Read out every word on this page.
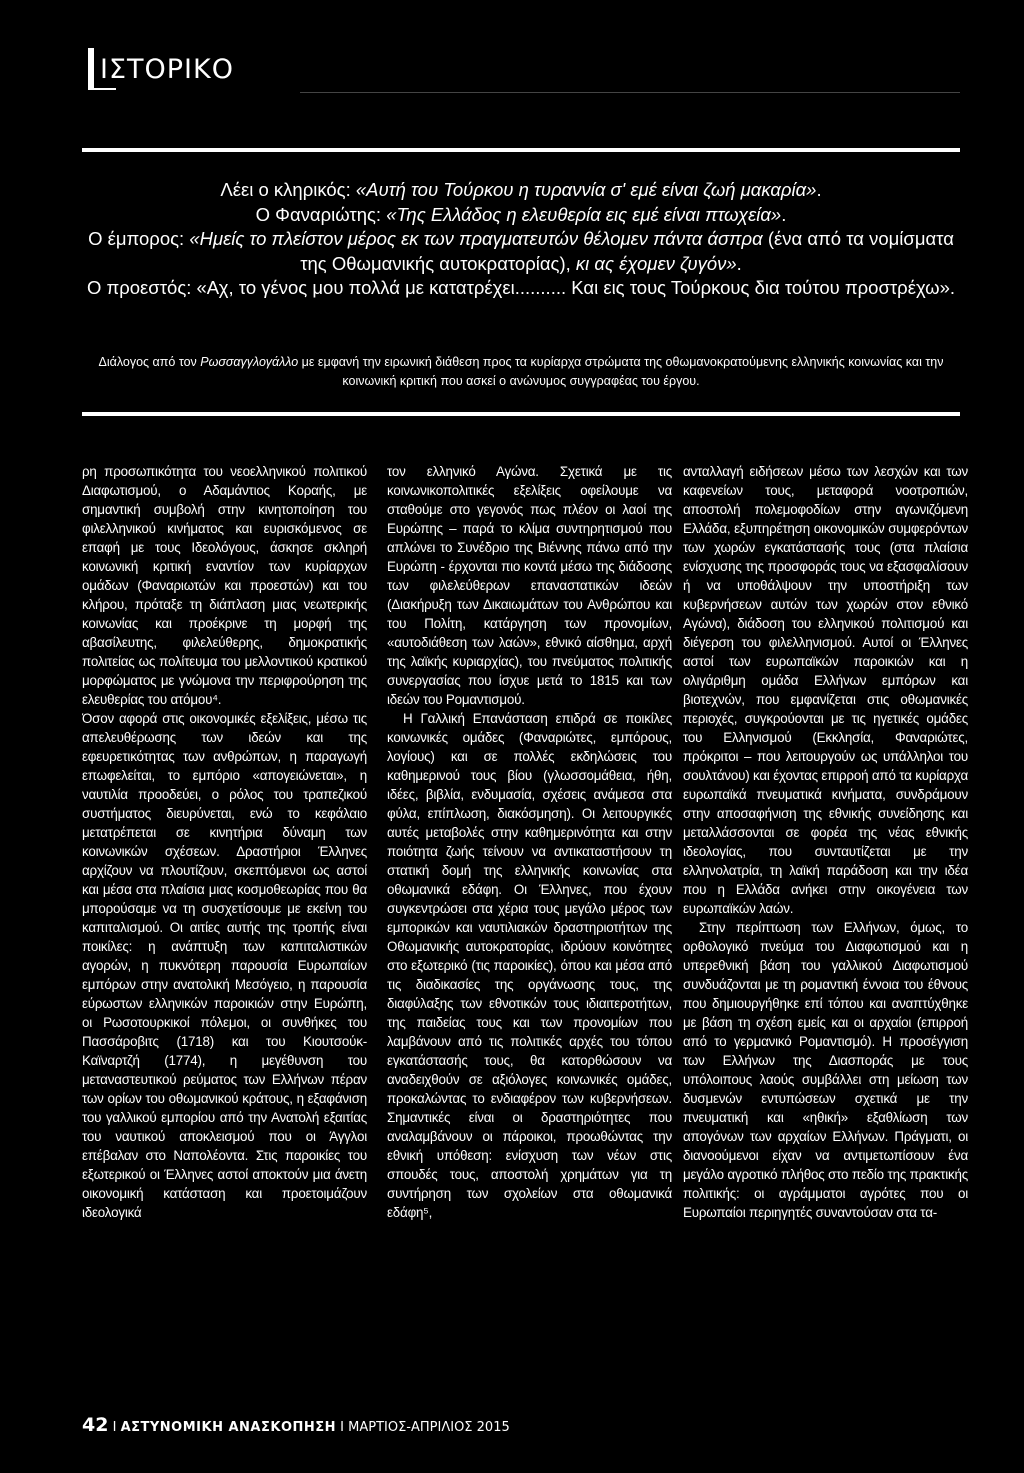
ΙΣΤΟΡΙΚΟ

Λέει ο κληρικός: «Αυτή του Τούρκου η τυραννία σ' εμέ είναι ζωή μακαρία».

Ο Φαναριώτης: «Της Ελλάδος η ελευθερία εις εμέ είναι πτωχεία».

Ο έμπορος: «Ημείς το πλείστον μέρος εκ των πραγματευτών θέλομεν πάντα άσπρα (ένα από τα νομίσματα της Οθωμανικής αυτοκρατορίας), κι ας έχομεν ζυγόν».

Ο προεστός: «Αχ, το γένος μου πολλά με κατατρέχει.......... Και εις τους Τούρκους δια τούτου προστρέχω».

Διάλογος από τον Ρωσσαγγλογάλλο με εμφανή την ειρωνική διάθεση προς τα κυρίαρχα στρώματα της οθωμανοκρατούμενης ελληνικής κοινωνίας και την κοινωνική κριτική που ασκεί ο ανώνυμος συγγραφέας του έργου.

ρη προσωπικότητα του νεοελληνικού πολιτικού Διαφωτισμού, ο Αδαμάντιος Κοραής, με σημαντική συμβολή στην κινητοποίηση του φιλελληνικού κινήματος και ευρισκόμενος σε επαφή με τους Ιδεολόγους, άσκησε σκληρή κοινωνική κριτική εναντίον των κυρίαρχων ομάδων (Φαναριωτών και προεστών) και του κλήρου, πρόταξε τη διάπλαση μιας νεωτερικής κοινωνίας και προέκρινε τη μορφή της αβασίλευτης, φιλελεύθερης, δημοκρατικής πολιτείας ως πολίτευμα του μελλοντικού κρατικού μορφώματος με γνώμονα την περιφρούρηση της ελευθερίας του ατόμου⁴.

Όσον αφορά στις οικονομικές εξελίξεις, μέσω τις απελευθέρωσης των ιδεών και της εφευρετικότητας των ανθρώπων, η παραγωγή επωφελείται, το εμπόριο «απογειώνεται», η ναυτιλία προοδεύει, ο ρόλος του τραπεζικού συστήματος διευρύνεται, ενώ το κεφάλαιο μετατρέπεται σε κινητήρια δύναμη των κοινωνικών σχέσεων. Δραστήριοι Έλληνες αρχίζουν να πλουτίζουν, σκεπτόμενοι ως αστοί και μέσα στα πλαίσια μιας κοσμοθεωρίας που θα μπορούσαμε να τη συσχετίσουμε με εκείνη του καπιταλισμού. Οι αιτίες αυτής της τροπής είναι ποικίλες: η ανάπτυξη των καπιταλιστικών αγορών, η πυκνότερη παρουσία Ευρωπαίων εμπόρων στην ανατολική Μεσόγειο, η παρουσία εύρωστων ελληνικών παροικιών στην Ευρώπη, οι Ρωσοτουρκικοί πόλεμοι, οι συνθήκες του Πασσάροβιτς (1718) και του Κιουτσούκ-Καϊναρτζή (1774), η μεγέθυνση του μεταναστευτικού ρεύματος των Ελλήνων πέραν των ορίων του οθωμανικού κράτους, η εξαφάνιση του γαλλικού εμπορίου από την Ανατολή εξαιτίας του ναυτικού αποκλεισμού που οι Άγγλοι επέβαλαν στο Ναπολέοντα. Στις παροικίες του εξωτερικού οι Έλληνες αστοί αποκτούν μια άνετη οικονομική κατάσταση και προετοιμάζουν ιδεολογικά

τον ελληνικό Αγώνα. Σχετικά με τις κοινωνικοπολιτικές εξελίξεις οφείλουμε να σταθούμε στο γεγονός πως πλέον οι λαοί της Ευρώπης – παρά το κλίμα συντηρητισμού που απλώνει το Συνέδριο της Βιέννης πάνω από την Ευρώπη - έρχονται πιο κοντά μέσω της διάδοσης των φιλελεύθερων επαναστατικών ιδεών (Διακήρυξη των Δικαιωμάτων του Ανθρώπου και του Πολίτη, κατάργηση των προνομίων, «αυτοδιάθεση των λαών», εθνικό αίσθημα, αρχή της λαϊκής κυριαρχίας), του πνεύματος πολιτικής συνεργασίας που ίσχυε μετά το 1815 και των ιδεών του Ρομαντισμού.

Η Γαλλική Επανάσταση επιδρά σε ποικίλες κοινωνικές ομάδες (Φαναριώτες, εμπόρους, λογίους) και σε πολλές εκδηλώσεις του καθημερινού τους βίου (γλωσσομάθεια, ήθη, ιδέες, βιβλία, ενδυμασία, σχέσεις ανάμεσα στα φύλα, επίπλωση, διακόσμηση). Οι λειτουργικές αυτές μεταβολές στην καθημερινότητα και στην ποιότητα ζωής τείνουν να αντικαταστήσουν τη στατική δομή της ελληνικής κοινωνίας στα οθωμανικά εδάφη. Οι Έλληνες, που έχουν συγκεντρώσει στα χέρια τους μεγάλο μέρος των εμπορικών και ναυτιλιακών δραστηριοτήτων της Οθωμανικής αυτοκρατορίας, ιδρύουν κοινότητες στο εξωτερικό (τις παροικίες), όπου και μέσα από τις διαδικασίες της οργάνωσης τους, της διαφύλαξης των εθνοτικών τους ιδιαιτεροτήτων, της παιδείας τους και των προνομίων που λαμβάνουν από τις πολιτικές αρχές του τόπου εγκατάστασής τους, θα κατορθώσουν να αναδειχθούν σε αξιόλογες κοινωνικές ομάδες, προκαλώντας το ενδιαφέρον των κυβερνήσεων. Σημαντικές είναι οι δραστηριότητες που αναλαμβάνουν οι πάροικοι, προωθώντας την εθνική υπόθεση: ενίσχυση των νέων στις σπουδές τους, αποστολή χρημάτων για τη συντήρηση των σχολείων στα οθωμανικά εδάφη⁵,

ανταλλαγή ειδήσεων μέσω των λεσχών και των καφενείων τους, μεταφορά νοοτροπιών, αποστολή πολεμοφοδίων στην αγωνιζόμενη Ελλάδα, εξυπηρέτηση οικονομικών συμφερόντων των χωρών εγκατάστασής τους (στα πλαίσια ενίσχυσης της προσφοράς τους να εξασφαλίσουν ή να υποθάλψουν την υποστήριξη των κυβερνήσεων αυτών των χωρών στον εθνικό Αγώνα), διάδοση του ελληνικού πολιτισμού και διέγερση του φιλελληνισμού. Αυτοί οι Έλληνες αστοί των ευρωπαϊκών παροικιών και η ολιγάριθμη ομάδα Ελλήνων εμπόρων και βιοτεχνών, που εμφανίζεται στις οθωμανικές περιοχές, συγκρούονται με τις ηγετικές ομάδες του Ελληνισμού (Εκκλησία, Φαναριώτες, πρόκριτοι – που λειτουργούν ως υπάλληλοι του σουλτάνου) και έχοντας επιρροή από τα κυρίαρχα ευρωπαϊκά πνευματικά κινήματα, συνδράμουν στην αποσαφήνιση της εθνικής συνείδησης και μεταλλάσσονται σε φορέα της νέας εθνικής ιδεολογίας, που συνταυτίζεται με την ελληνολατρία, τη λαϊκή παράδοση και την ιδέα που η Ελλάδα ανήκει στην οικογένεια των ευρωπαϊκών λαών.

Στην περίπτωση των Ελλήνων, όμως, το ορθολογικό πνεύμα του Διαφωτισμού και η υπερεθνική βάση του γαλλικού Διαφωτισμού συνδυάζονται με τη ρομαντική έννοια του έθνους που δημιουργήθηκε επί τόπου και αναπτύχθηκε με βάση τη σχέση εμείς και οι αρχαίοι (επιρροή από το γερμανικό Ρομαντισμό). Η προσέγγιση των Ελλήνων της Διασποράς με τους υπόλοιπους λαούς συμβάλλει στη μείωση των δυσμενών εντυπώσεων σχετικά με την πνευματική και «ηθική» εξαθλίωση των απογόνων των αρχαίων Ελλήνων. Πράγματι, οι διανοούμενοι είχαν να αντιμετωπίσουν ένα μεγάλο αγροτικό πλήθος στο πεδίο της πρακτικής πολιτικής: οι αγράμματοι αγρότες που οι Ευρωπαίοι περιηγητές συναντούσαν στα τα-

42 I ΑΣΤΥΝΟΜΙΚΗ ΑΝΑΣΚΟΠΗΣΗ I ΜΑΡΤΙΟΣ-ΑΠΡΙΛΙΟΣ 2015
